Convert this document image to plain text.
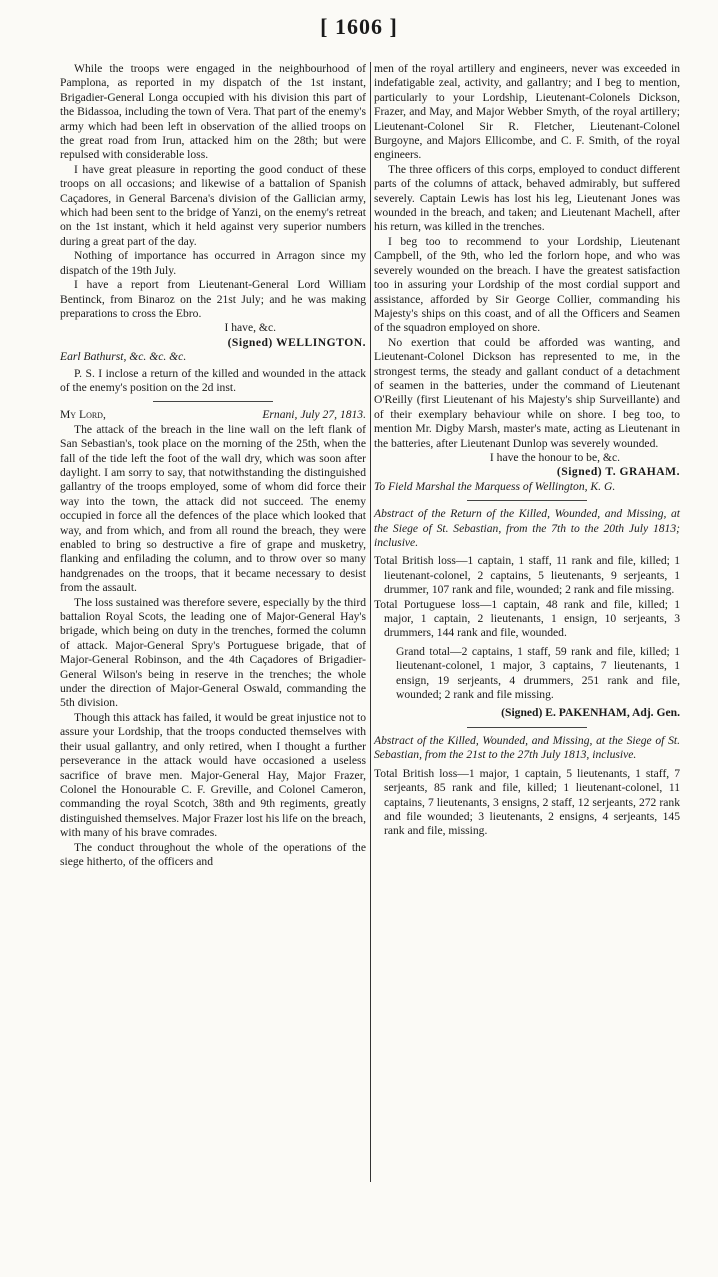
[ 1606 ]

While the troops were engaged in the neighbourhood of Pamplona, as reported in my dispatch of the 1st instant, Brigadier-General Longa occupied with his division this part of the Bidassoa, including the town of Vera. That part of the enemy's army which had been left in observation of the allied troops on the great road from Irun, attacked him on the 28th; but were repulsed with considerable loss.

I have great pleasure in reporting the good conduct of these troops on all occasions; and likewise of a battalion of Spanish Caçadores, in General Barcena's division of the Gallician army, which had been sent to the bridge of Yanzi, on the enemy's retreat on the 1st instant, which it held against very superior numbers during a great part of the day.

Nothing of importance has occurred in Arragon since my dispatch of the 19th July.

I have a report from Lieutenant-General Lord William Bentinck, from Binaroz on the 21st July; and he was making preparations to cross the Ebro.

I have, &c.

(Signed) WELLINGTON.

Earl Bathurst, &c. &c. &c.

P. S. I inclose a return of the killed and wounded in the attack of the enemy's position on the 2d inst.

My Lord,	Ernani, July 27, 1813.

The attack of the breach in the line wall on the left flank of San Sebastian's, took place on the morning of the 25th, when the fall of the tide left the foot of the wall dry, which was soon after daylight. I am sorry to say, that notwithstanding the distinguished gallantry of the troops employed, some of whom did force their way into the town, the attack did not succeed. The enemy occupied in force all the defences of the place which looked that way, and from which, and from all round the breach, they were enabled to bring so destructive a fire of grape and musketry, flanking and enfilading the column, and to throw over so many handgrenades on the troops, that it became necessary to desist from the assault.

The loss sustained was therefore severe, especially by the third battalion Royal Scots, the leading one of Major-General Hay's brigade, which being on duty in the trenches, formed the column of attack. Major-General Spry's Portuguese brigade, that of Major-General Robinson, and the 4th Caçadores of Brigadier-General Wilson's being in reserve in the trenches; the whole under the direction of Major-General Oswald, commanding the 5th division.

Though this attack has failed, it would be great injustice not to assure your Lordship, that the troops conducted themselves with their usual gallantry, and only retired, when I thought a further perseverance in the attack would have occasioned a useless sacrifice of brave men. Major-General Hay, Major Frazer, Colonel the Honourable C. F. Greville, and Colonel Cameron, commanding the royal Scotch, 38th and 9th regiments, greatly distinguished themselves. Major Frazer lost his life on the breach, with many of his brave comrades.

The conduct throughout the whole of the operations of the siege hitherto, of the officers and

men of the royal artillery and engineers, never was exceeded in indefatigable zeal, activity, and gallantry; and I beg to mention, particularly to your Lordship, Lieutenant-Colonels Dickson, Frazer, and May, and Major Webber Smyth, of the royal artillery; Lieutenant-Colonel Sir R. Fletcher, Lieutenant-Colonel Burgoyne, and Majors Ellicombe, and C. F. Smith, of the royal engineers.

The three officers of this corps, employed to conduct different parts of the columns of attack, behaved admirably, but suffered severely. Captain Lewis has lost his leg, Lieutenant Jones was wounded in the breach, and taken; and Lieutenant Machell, after his return, was killed in the trenches.

I beg too to recommend to your Lordship, Lieutenant Campbell, of the 9th, who led the forlorn hope, and who was severely wounded on the breach. I have the greatest satisfaction too in assuring your Lordship of the most cordial support and assistance, afforded by Sir George Collier, commanding his Majesty's ships on this coast, and of all the Officers and Seamen of the squadron employed on shore.

No exertion that could be afforded was wanting, and Lieutenant-Colonel Dickson has represented to me, in the strongest terms, the steady and gallant conduct of a detachment of seamen in the batteries, under the command of Lieutenant O'Reilly (first Lieutenant of his Majesty's ship Surveillante) and of their exemplary behaviour while on shore. I beg too, to mention Mr. Digby Marsh, master's mate, acting as Lieutenant in the batteries, after Lieutenant Dunlop was severely wounded.

I have the honour to be, &c.

(Signed) T. GRAHAM.

To Field Marshal the Marquess of Wellington, K. G.

Abstract of the Return of the Killed, Wounded, and Missing, at the Siege of St. Sebastian, from the 7th to the 20th July 1813; inclusive.

Total British loss—1 captain, 1 staff, 11 rank and file, killed; 1 lieutenant-colonel, 2 captains, 5 lieutenants, 9 serjeants, 1 drummer, 107 rank and file, wounded; 2 rank and file missing.

Total Portuguese loss—1 captain, 48 rank and file, killed; 1 major, 1 captain, 2 lieutenants, 1 ensign, 10 serjeants, 3 drummers, 144 rank and file, wounded.

Grand total—2 captains, 1 staff, 59 rank and file, killed; 1 lieutenant-colonel, 1 major, 3 captains, 7 lieutenants, 1 ensign, 19 serjeants, 4 drummers, 251 rank and file, wounded; 2 rank and file missing.

(Signed) E. PAKENHAM, Adj. Gen.

Abstract of the Killed, Wounded, and Missing, at the Siege of St. Sebastian, from the 21st to the 27th July 1813, inclusive.

Total British loss—1 major, 1 captain, 5 lieutenants, 1 staff, 7 serjeants, 85 rank and file, killed; 1 lieutenant-colonel, 11 captains, 7 lieutenants, 3 ensigns, 2 staff, 12 serjeants, 272 rank and file wounded; 3 lieutenants, 2 ensigns, 4 serjeants, 145 rank and file, missing.
